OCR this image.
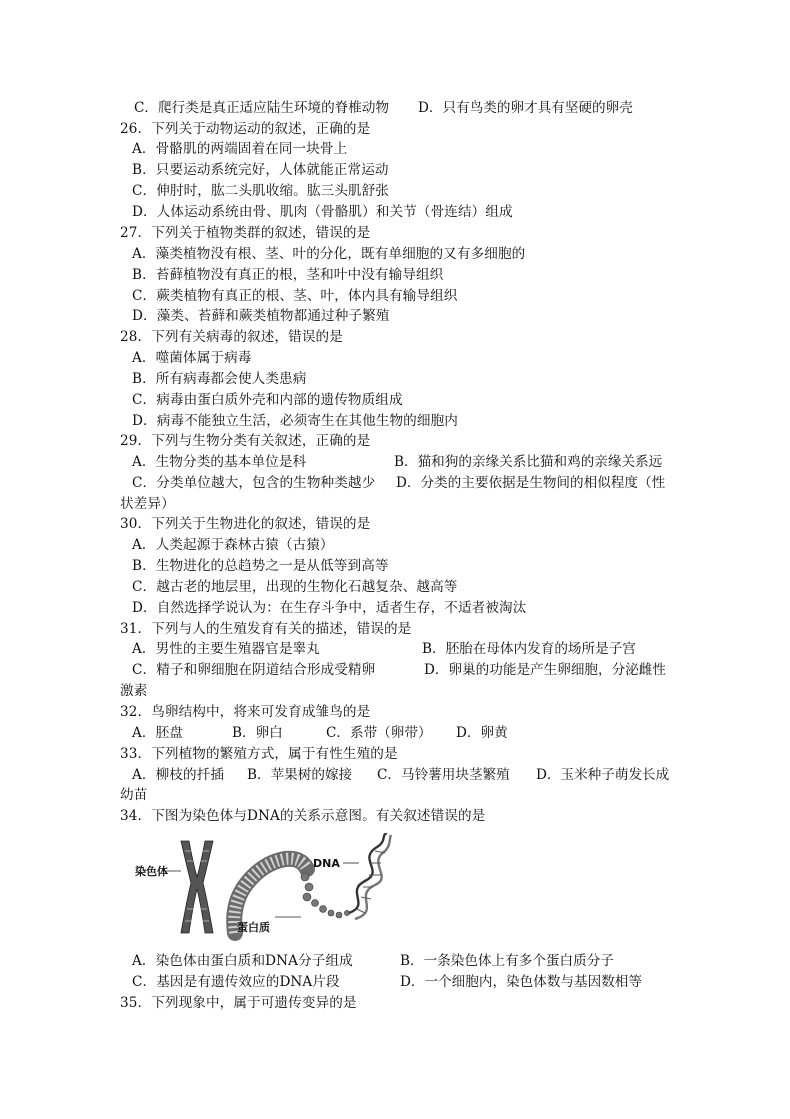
C．爬行类是真正适应陆生环境的脊椎动物 D．只有鸟类的卵才具有坚硬的卵壳
26．下列关于动物运动的叙述，正确的是
A．骨骼肌的两端固着在同一块骨上
B．只要运动系统完好，人体就能正常运动
C．伸肘时，肱二头肌收缩。肱三头肌舒张
D．人体运动系统由骨、肌肉（骨骼肌）和关节（骨连结）组成
27．下列关于植物类群的叙述，错误的是
A．藻类植物没有根、茎、叶的分化，既有单细胞的又有多细胞的
B．苔藓植物没有真正的根，茎和叶中没有输导组织
C．蕨类植物有真正的根、茎、叶，体内具有输导组织
D．藻类、苔藓和蕨类植物都通过种子繁殖
28．下列有关病毒的叙述，错误的是
A．噬菌体属于病毒
B．所有病毒都会使人类患病
C．病毒由蛋白质外壳和内部的遗传物质组成
D．病毒不能独立生活，必须寄生在其他生物的细胞内
29．下列与生物分类有关叙述，正确的是
A．生物分类的基本单位是科	B．猫和狗的亲缘关系比猫和鸡的亲缘关系远
C．分类单位越大，包含的生物种类越少 D．分类的主要依据是生物间的相似程度（性
状差异）
30．下列关于生物进化的叙述，错误的是
A．人类起源于森林古猿（古猿）
B．生物进化的总趋势之一是从低等到高等
C．越古老的地层里，出现的生物化石越复杂、越高等
D．自然选择学说认为：在生存斗争中，适者生存，不适者被淘汰
31．下列与人的生殖发育有关的描述，错误的是
A．男性的主要生殖器官是睾丸	B．胚胎在母体内发育的场所是子宫
C．精子和卵细胞在阴道结合形成受精卵	D．卵巢的功能是产生卵细胞，分泌雌性
激素
32．鸟卵结构中，将来可发育成雏鸟的是
A．胚盘	B．卵白	C．系带（卵带） D．卵黄
33．下列植物的繁殖方式，属于有性生殖的是
A．柳枝的扦插 B．苹果树的嫁接 C．马铃薯用块茎繁殖 D．玉米种子萌发长成
幼苗
34．下图为染色体与DNA的关系示意图。有关叙述错误的是
染色体
DNA
蛋白质
A．染色体由蛋白质和DNA分子组成	B．一条染色体上有多个蛋白质分子
C．基因是有遗传效应的DNA片段	D．一个细胞内，染色体数与基因数相等
35．下列现象中，属于可遗传变异的是
